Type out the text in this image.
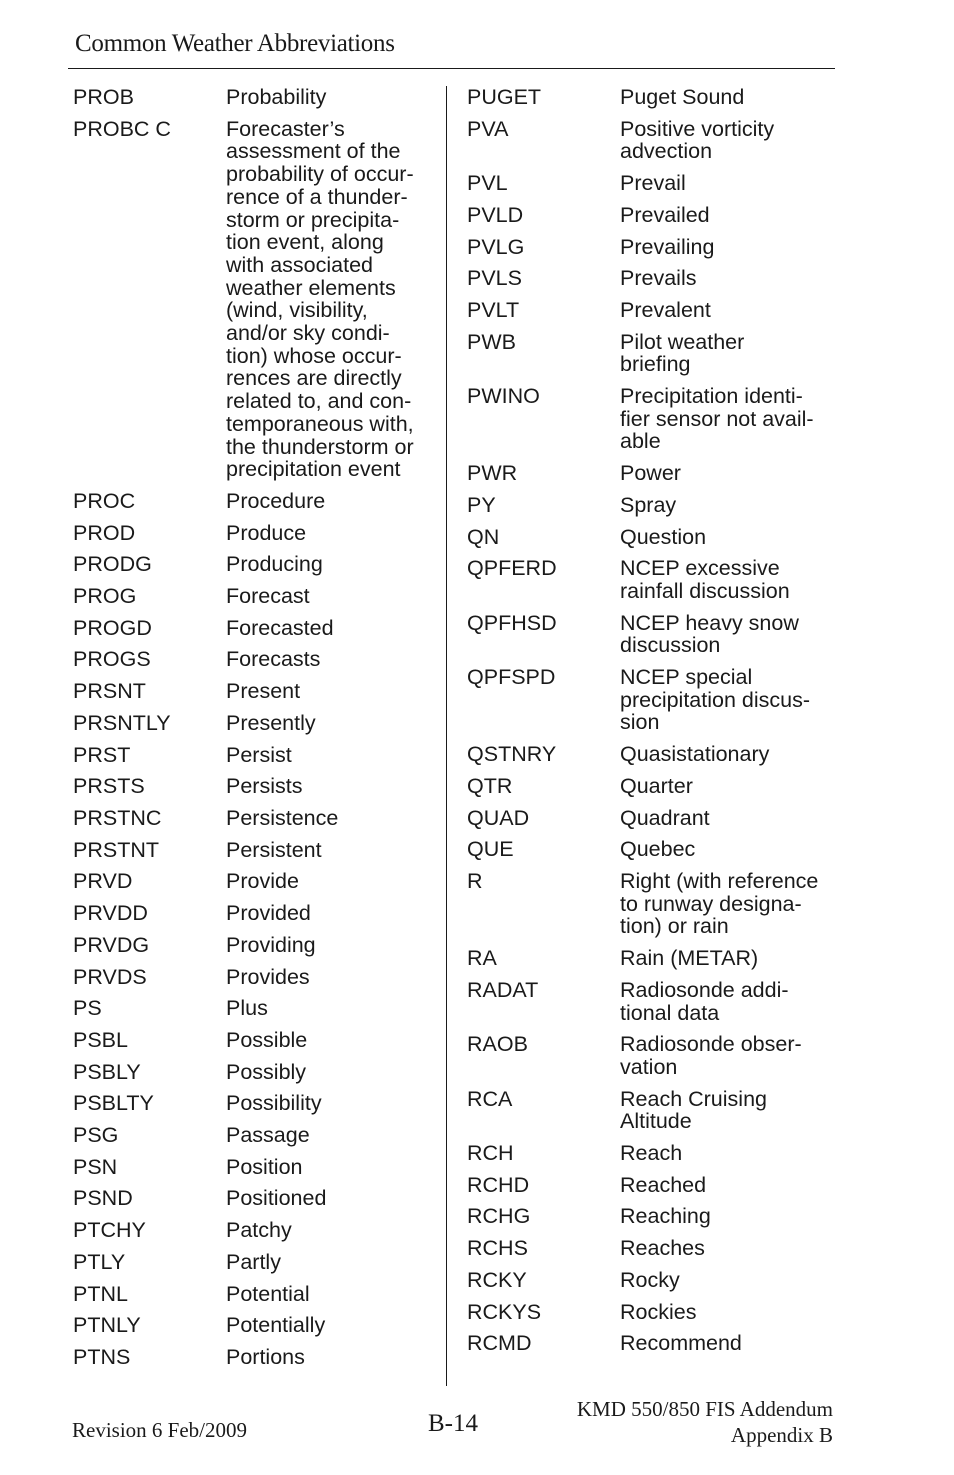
Common Weather Abbreviations
PROB	Probability
PROBC C	Forecaster’s
assessment of the
probability of occur-
rence of a thunder-
storm or precipita-
tion event, along
with associated
weather elements
(wind, visibility,
and/or sky condi-
tion) whose occur-
rences are directly
related to, and con-
temporaneous with,
the thunderstorm or
precipitation event
PROC	Procedure
PROD	Produce
PRODG	Producing
PROG	Forecast
PROGD	Forecasted
PROGS	Forecasts
PRSNT	Present
PRSNTLY	Presently
PRST	Persist
PRSTS	Persists
PRSTNC	Persistence
PRSTNT	Persistent
PRVD	Provide
PRVDD	Provided
PRVDG	Providing
PRVDS	Provides
PS	Plus
PSBL	Possible
PSBLY	Possibly
PSBLTY	Possibility
PSG	Passage
PSN	Position
PSND	Positioned
PTCHY	Patchy
PTLY	Partly
PTNL	Potential
PTNLY	Potentially
PTNS	Portions
PUGET	Puget Sound
PVA	Positive vorticity
advection
PVL	Prevail
PVLD	Prevailed
PVLG	Prevailing
PVLS	Prevails
PVLT	Prevalent
PWB	Pilot weather
briefing
PWINO	Precipitation identi-
fier sensor not avail-
able
PWR	Power
PY	Spray
QN	Question
QPFERD	NCEP excessive
rainfall discussion
QPFHSD	NCEP heavy snow
discussion
QPFSPD	NCEP special
precipitation discus-
sion
QSTNRY	Quasistationary
QTR	Quarter
QUAD	Quadrant
QUE	Quebec
R	Right (with reference
to runway designa-
tion) or rain
RA	Rain (METAR)
RADAT	Radiosonde addi-
tional data
RAOB	Radiosonde obser-
vation
RCA	Reach Cruising
Altitude
RCH	Reach
RCHD	Reached
RCHG	Reaching
RCHS	Reaches
RCKY	Rocky
RCKYS	Rockies
RCMD	Recommend
Revision 6 Feb/2009	B-14
KMD 550/850 FIS Addendum
Appendix B
